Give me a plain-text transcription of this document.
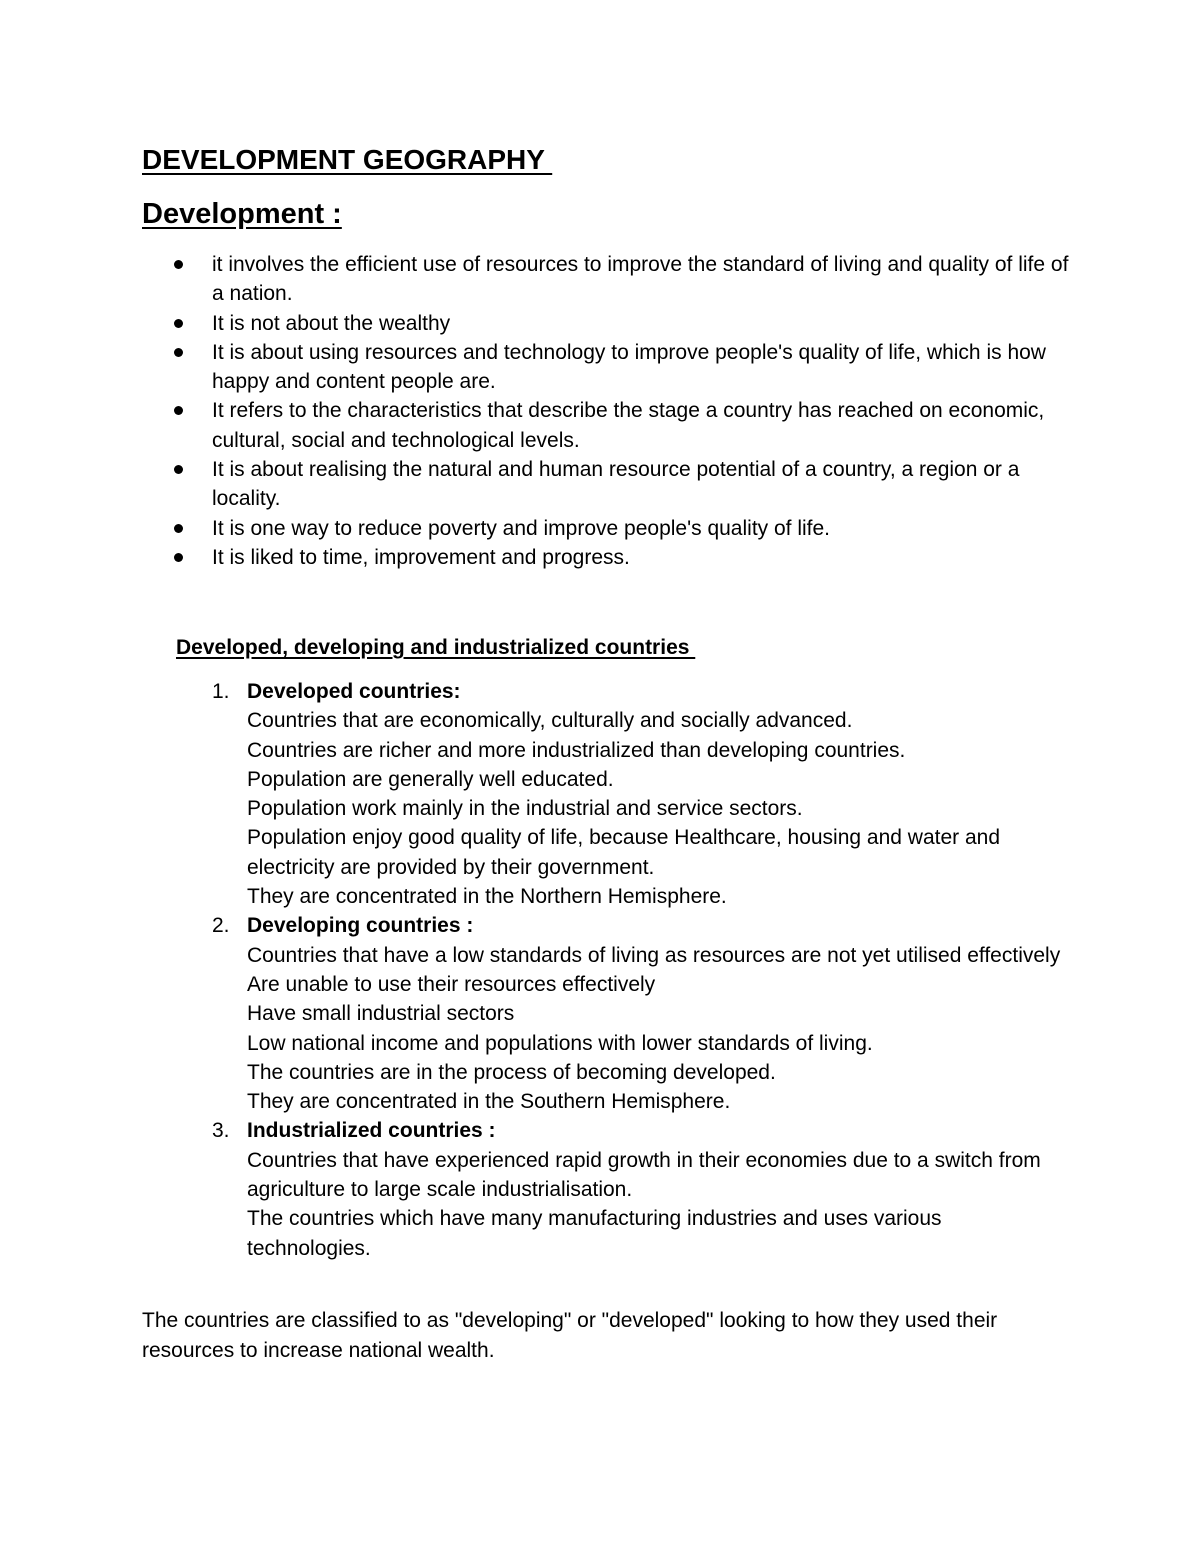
DEVELOPMENT GEOGRAPHY
Development :
it involves the efficient use of resources to improve the standard of living and quality of life of a nation.
It is not about the wealthy
It is about using resources and technology to improve people's quality of life, which is how happy and content people are.
It refers to the characteristics that describe the stage a country has reached on economic, cultural, social and technological levels.
It is about realising the natural and human resource potential of a country, a region or a locality.
It is one way to reduce poverty and improve people's quality of life.
It is liked to time, improvement and progress.
Developed, developing and industrialized countries
1. Developed countries:
Countries that are economically, culturally and socially advanced.
Countries are richer and more industrialized than developing countries.
Population are generally well educated.
Population work mainly in the industrial and service sectors.
Population enjoy good quality of life, because Healthcare, housing and water and electricity are provided by their government.
They are concentrated in the Northern Hemisphere.
2. Developing countries :
Countries that have a low standards of living as resources are not yet utilised effectively
Are unable to use their resources effectively
Have small industrial sectors
Low national income and populations with lower standards of living.
The countries are in the process of becoming developed.
They are concentrated in the Southern Hemisphere.
3. Industrialized countries :
Countries that have experienced rapid growth in their economies due to a switch from agriculture to large scale industrialisation.
The countries which have many manufacturing industries and uses various technologies.

The countries are classified to as "developing" or "developed" looking to how they used their resources to increase national wealth.
